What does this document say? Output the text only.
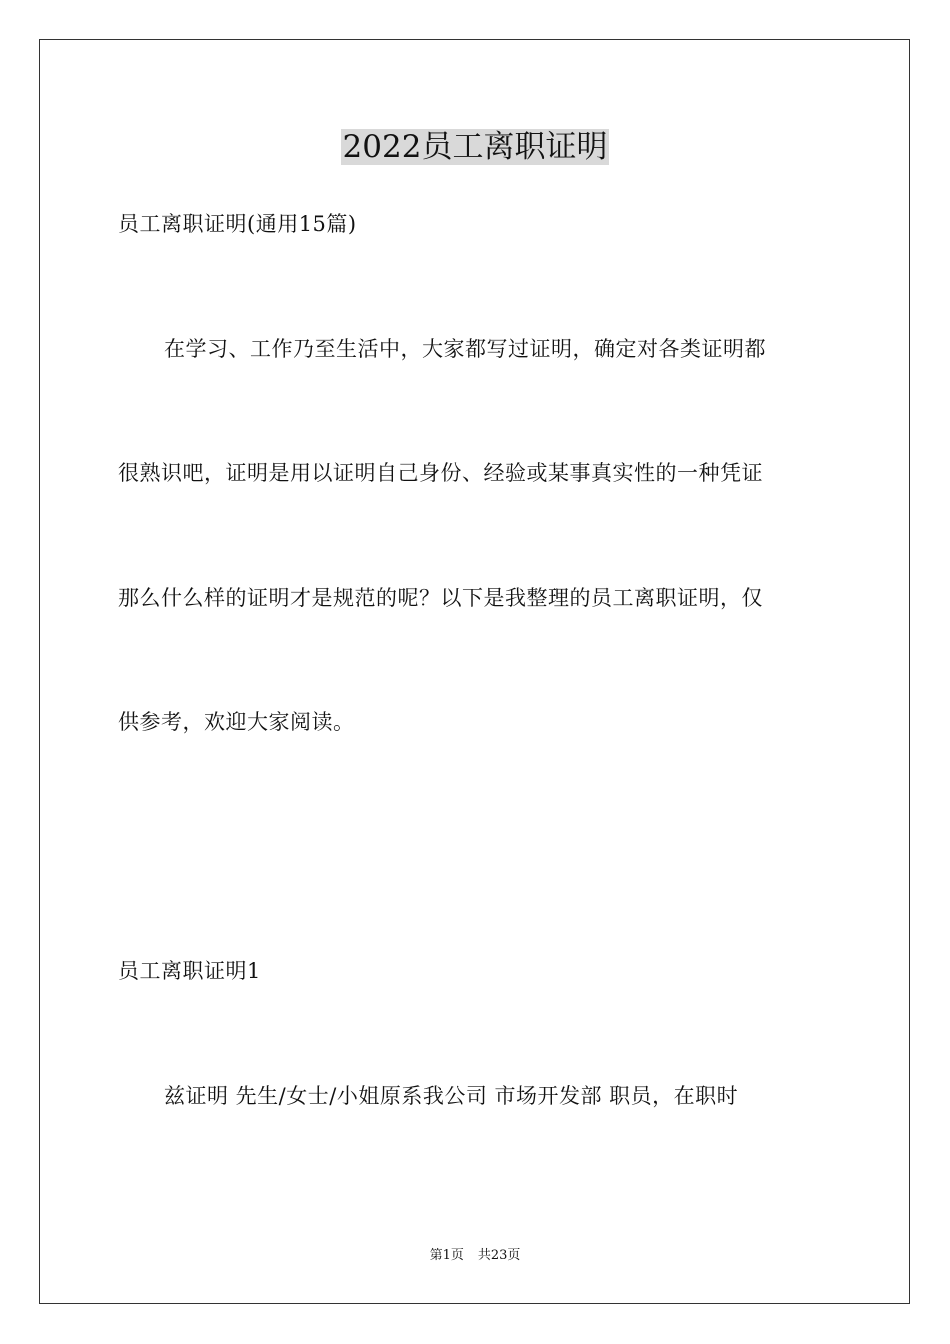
2022员工离职证明
员工离职证明(通用15篇)
在学习、工作乃至生活中，大家都写过证明，确定对各类证明都
很熟识吧，证明是用以证明自己身份、经验或某事真实性的一种凭证
那么什么样的证明才是规范的呢？以下是我整理的员工离职证明，仅
供参考，欢迎大家阅读。
员工离职证明1
兹证明 先生/女士/小姐原系我公司 市场开发部 职员，在职时
第1页 共23页
